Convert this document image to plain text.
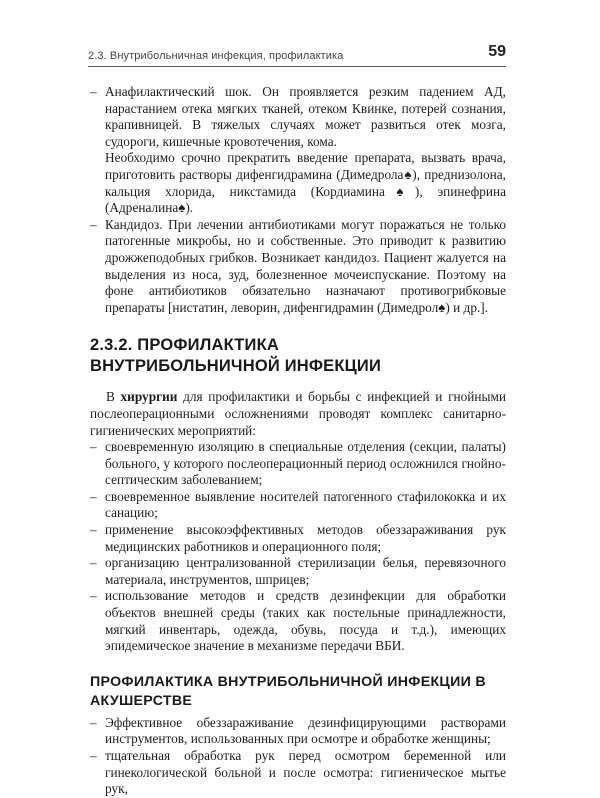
2.3. Внутрибольничная инфекция, профилактика	59

– Анафилактический шок. Он проявляется резким падением АД, нарастанием отека мягких тканей, отеком Квинке, потерей сознания, крапивницей. В тяжелых случаях может развиться отек мозга, судороги, кишечные кровотечения, кома.

Необходимо срочно прекратить введение препарата, вызвать врача, приготовить растворы дифенгидрамина (Димедрола♠), преднизолона, кальция хлорида, никстамида (Кордиамина♠), эпинефрина (Адреналина♠).

– Кандидоз. При лечении антибиотиками могут поражаться не только патогенные микробы, но и собственные. Это приводит к развитию дрожжеподобных грибков. Возникает кандидоз. Пациент жалуется на выделения из носа, зуд, болезненное мочеиспускание. Поэтому на фоне антибиотиков обязательно назначают противогрибковые препараты [нистатин, леворин, дифенгидрамин (Димедрол♠) и др.].

2.3.2. ПРОФИЛАКТИКА ВНУТРИБОЛЬНИЧНОЙ ИНФЕКЦИИ

В хирургии для профилактики и борьбы с инфекцией и гнойными послеоперационными осложнениями проводят комплекс санитарно-гигиенических мероприятий:

– своевременную изоляцию в специальные отделения (секции, палаты) больного, у которого послеоперационный период осложнился гнойно-септическим заболеванием;

– своевременное выявление носителей патогенного стафилококка и их санацию;

– применение высокоэффективных методов обеззараживания рук медицинских работников и операционного поля;

– организацию централизованной стерилизации белья, перевязочного материала, инструментов, шприцев;

– использование методов и средств дезинфекции для обработки объектов внешней среды (таких как постельные принадлежности, мягкий инвентарь, одежда, обувь, посуда и т.д.), имеющих эпидемическое значение в механизме передачи ВБИ.

ПРОФИЛАКТИКА ВНУТРИБОЛЬНИЧНОЙ ИНФЕКЦИИ В АКУШЕРСТВЕ

– Эффективное обеззараживание дезинфицирующими растворами инструментов, использованных при осмотре и обработке женщины;

– тщательная обработка рук перед осмотром беременной или гинекологической больной и после осмотра: гигиеническое мытье рук,
